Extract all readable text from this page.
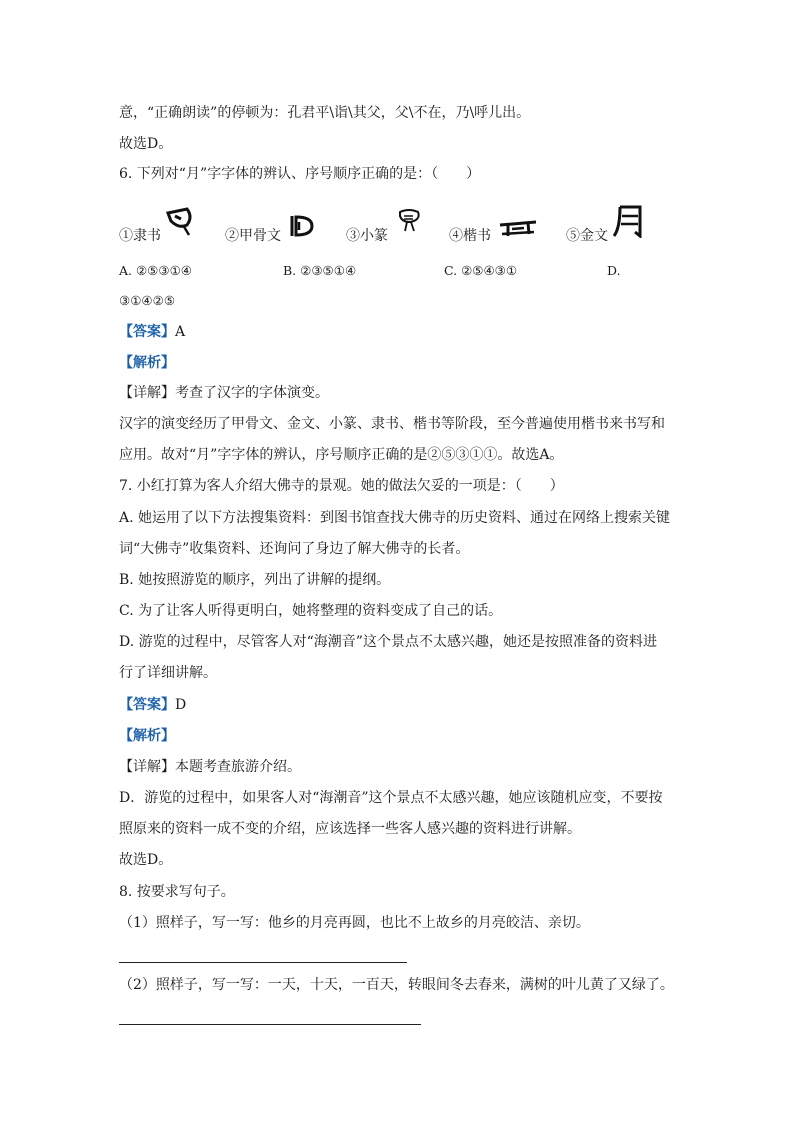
意，“正确朗读”的停顿为：孔君平\诣\其父，父\不在，乃\呼儿出。
故选D。
6. 下列对“月”字字体的辨认、序号顺序正确的是：（　　）
①隶书	②甲骨文	③小篆	④楷书	⑤金文
A. ②⑤③①④	B. ②③⑤①④	C. ②⑤④③①	D.
③①④②⑤
【答案】A
【解析】
【详解】考查了汉字的字体演变。
汉字的演变经历了甲骨文、金文、小篆、隶书、楷书等阶段，至今普遍使用楷书来书写和
应用。故对“月”字字体的辨认，序号顺序正确的是②⑤③①①。故选A。
7. 小红打算为客人介绍大佛寺的景观。她的做法欠妥的一项是：（　　）
A. 她运用了以下方法搜集资料：到图书馆查找大佛寺的历史资料、通过在网络上搜索关键
词“大佛寺”收集资料、还询问了身边了解大佛寺的长者。
B. 她按照游览的顺序，列出了讲解的提纲。
C. 为了让客人听得更明白，她将整理的资料变成了自己的话。
D. 游览的过程中，尽管客人对“海潮音”这个景点不太感兴趣，她还是按照准备的资料进
行了详细讲解。
【答案】D
【解析】
【详解】本题考查旅游介绍。
D．游览的过程中，如果客人对“海潮音”这个景点不太感兴趣，她应该随机应变，不要按
照原来的资料一成不变的介绍，应该选择一些客人感兴趣的资料进行讲解。
故选D。
8. 按要求写句子。
（1）照样子，写一写：他乡的月亮再圆，也比不上故乡的月亮皎洁、亲切。
（2）照样子，写一写：一天，十天，一百天，转眼间冬去春来，满树的叶儿黄了又绿了。
